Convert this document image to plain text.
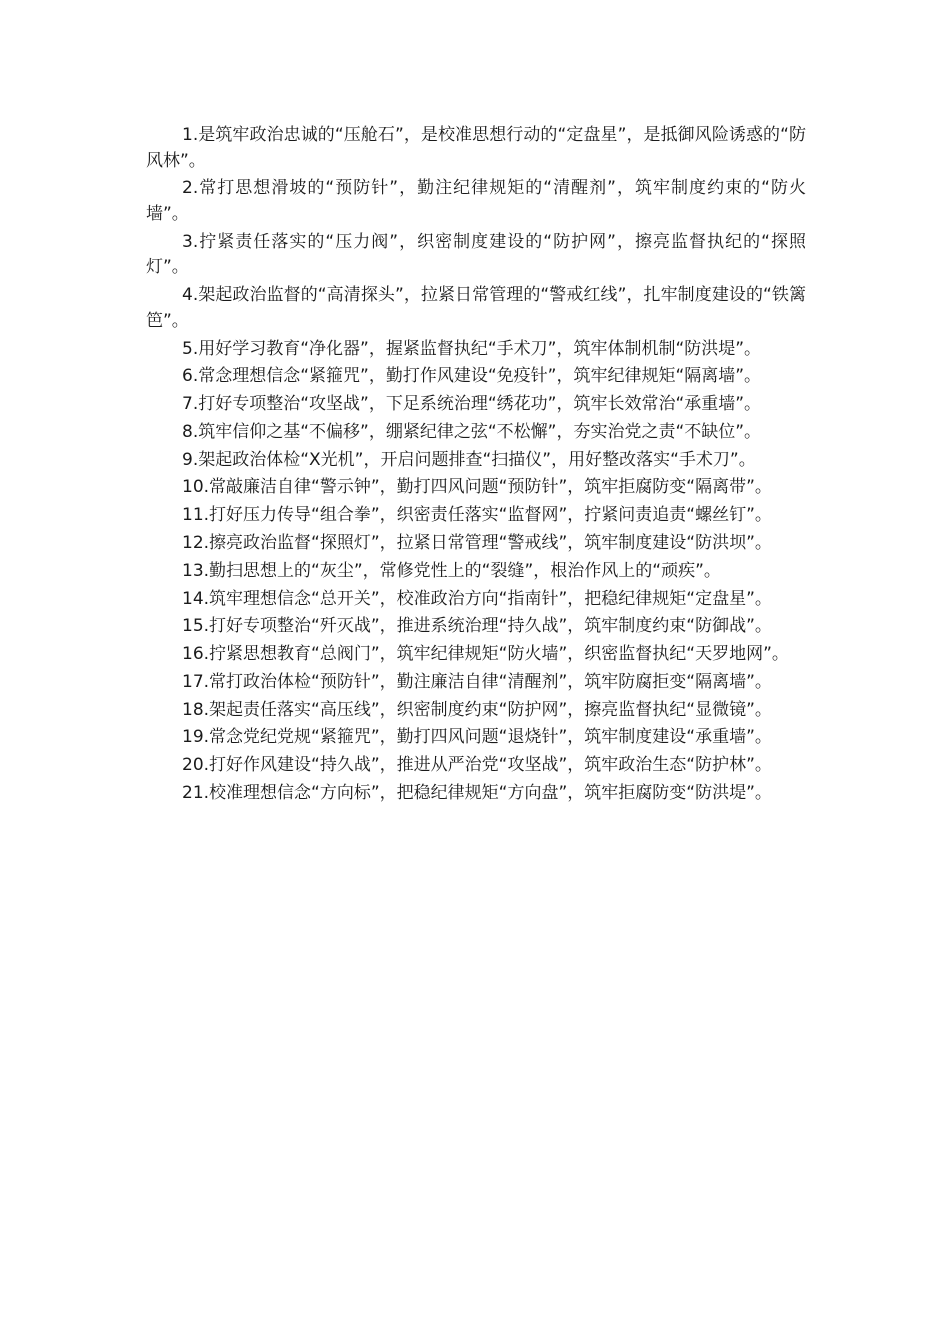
1.是筑牢政治忠诚的“压舱石”，是校准思想行动的“定盘星”，是抵御风险诱惑的“防风林”。

2.常打思想滑坡的“预防针”，勤注纪律规矩的“清醒剂”，筑牢制度约束的“防火墙”。

3.拧紧责任落实的“压力阀”，织密制度建设的“防护网”，擦亮监督执纪的“探照灯”。

4.架起政治监督的“高清探头”，拉紧日常管理的“警戒红线”，扎牢制度建设的“铁篱笆”。

5.用好学习教育“净化器”，握紧监督执纪“手术刀”，筑牢体制机制“防洪堤”。

6.常念理想信念“紧箍咒”，勤打作风建设“免疫针”，筑牢纪律规矩“隔离墙”。

7.打好专项整治“攻坚战”，下足系统治理“绣花功”，筑牢长效常治“承重墙”。

8.筑牢信仰之基“不偏移”，绷紧纪律之弦“不松懈”，夯实治党之责“不缺位”。

9.架起政治体检“X光机”，开启问题排查“扫描仪”，用好整改落实“手术刀”。

10.常敲廉洁自律“警示钟”，勤打四风问题“预防针”，筑牢拒腐防变“隔离带”。

11.打好压力传导“组合拳”，织密责任落实“监督网”，拧紧问责追责“螺丝钉”。

12.擦亮政治监督“探照灯”，拉紧日常管理“警戒线”，筑牢制度建设“防洪坝”。

13.勤扫思想上的“灰尘”，常修党性上的“裂缝”，根治作风上的“顽疾”。

14.筑牢理想信念“总开关”，校准政治方向“指南针”，把稳纪律规矩“定盘星”。

15.打好专项整治“歼灭战”，推进系统治理“持久战”，筑牢制度约束“防御战”。

16.拧紧思想教育“总阀门”，筑牢纪律规矩“防火墙”，织密监督执纪“天罗地网”。

17.常打政治体检“预防针”，勤注廉洁自律“清醒剂”，筑牢防腐拒变“隔离墙”。

18.架起责任落实“高压线”，织密制度约束“防护网”，擦亮监督执纪“显微镜”。

19.常念党纪党规“紧箍咒”，勤打四风问题“退烧针”，筑牢制度建设“承重墙”。

20.打好作风建设“持久战”，推进从严治党“攻坚战”，筑牢政治生态“防护林”。

21.校准理想信念“方向标”，把稳纪律规矩“方向盘”，筑牢拒腐防变“防洪堤”。
